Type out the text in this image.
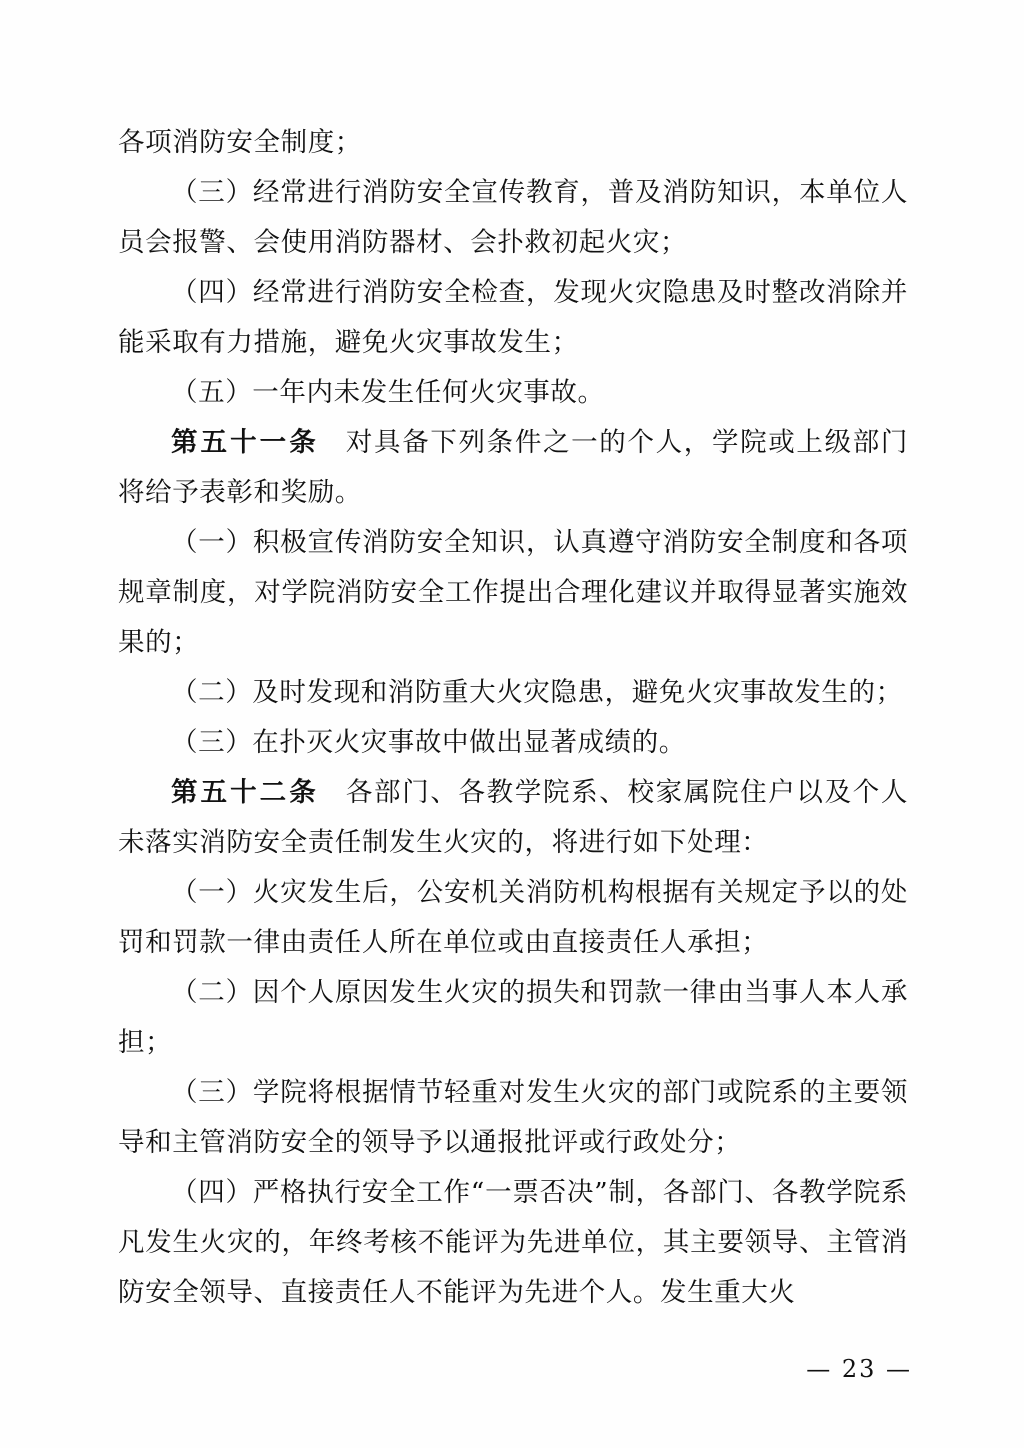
各项消防安全制度；

（三）经常进行消防安全宣传教育，普及消防知识，本单位人员会报警、会使用消防器材、会扑救初起火灾；

（四）经常进行消防安全检查，发现火灾隐患及时整改消除并能采取有力措施，避免火灾事故发生；

（五）一年内未发生任何火灾事故。

第五十一条 对具备下列条件之一的个人，学院或上级部门将给予表彰和奖励。

（一）积极宣传消防安全知识，认真遵守消防安全制度和各项规章制度，对学院消防安全工作提出合理化建议并取得显著实施效果的；

（二）及时发现和消防重大火灾隐患，避免火灾事故发生的；

（三）在扑灭火灾事故中做出显著成绩的。

第五十二条 各部门、各教学院系、校家属院住户以及个人未落实消防安全责任制发生火灾的，将进行如下处理：

（一）火灾发生后，公安机关消防机构根据有关规定予以的处罚和罚款一律由责任人所在单位或由直接责任人承担；

（二）因个人原因发生火灾的损失和罚款一律由当事人本人承担；

（三）学院将根据情节轻重对发生火灾的部门或院系的主要领导和主管消防安全的领导予以通报批评或行政处分；

（四）严格执行安全工作“一票否决”制，各部门、各教学院系凡发生火灾的，年终考核不能评为先进单位，其主要领导、主管消防安全领导、直接责任人不能评为先进个人。发生重大火

— 23 —
